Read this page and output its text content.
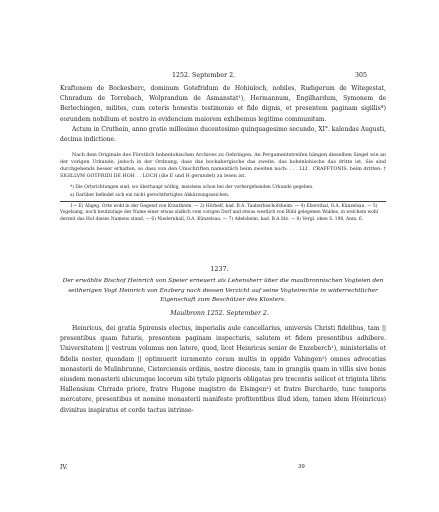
1252. September 2.	305

Kraftonem de Bockesberc, dominum Gotefridum de Hohinloch, nobiles, Rudigerum de Witegestat, Chnradum de Torrebach, Wolprandum de Asmanstat¹), Hermannum, Engilhardum, Symonem de Berlechingen, milites, cum ceteris honestis testimonio et fide dignis, et presentem paginam sigillis*) eorundem nobilium et nostro in evidenciam maiorem exhibemus legitime communitam.

Actum in Cruthein, anno gratie millesimo ducentesimo quinquagesimo secundo, XI°. kalendas Augusti, decima indictione.

Nach dem Originale des Fürstlich hohenlohischen Archives zu Oehringen. An Pergamentstreifen hängen dieselben Siegel wie an der vorigen Urkunde, jedoch in der Ordnung, dass das bockabergische das zweite, das hohenlohische das dritte ist. Sie sind durchgehends besser erhalten, so dass von den Umschriften namentlich beim zweiten noch: . . . LLI . CRAFFTONIS, beim dritten: † SIGILLVM GOTFRIDI DE HOH . . LOCH (die E und H gerundet) zu lesen ist.

*) Die Ortsrichtungen sind, wo überhaupt nöthig, meistens schon bei der vorhergehenden Urkunde gegeben.

a) Darüber befindet sich ein nicht gerechtfertigtes Abkürzungszeichen.

1— E) Abgeg. Orte wohl in der Gegend von Krautheim. — 2) Hörbelf, bad. B.A. Tauberbischofsheim. — 4) Ebersthal, O.A. Künzelsau. — 5) Vogelsang, noch heutzutage der Name einer etwas südlich vom vorigen Dorf und etwas westlich von Bühl gelegenen Waldes, in welchem wohl derzeit das Hof dieses Namens stand. — 6) Niedernhall, O.A. Künzelsau. — 7) Adelsheim, bad. B.A.Stz. — 8) Vergl. oben S. 198, Anm. 6.

1237.
Der erwählte Bischof Heinrich von Speier erneuert als Lehensherr über die maulbronnischen Vogteien den seitherigen Vogt Heinrich von Enzberg nach dessen Verzicht auf seine Vogteirechte in widerrechtlicher Eigenschaft zum Beschützer des Klosters.
Maulbronn 1252. September 2.

Heinricus, dei gratia Spirensis electus, imperialis aule cancellarius, universis Christi fidelibus, tam || presentibus quam futuris, presentem paginam inspecturis, salutem et fidem presentibus adhibere. Universitatem || vestrum volumus non latere, quod, licet Heinricus senior de Enzeberch¹), ministerialis et fidelis noster, quondam || optimuerit iuramento coram multis in oppido Vahingen²) omnes advocatias monasterii de Mulinbrunne, Cisterciensis ordinis, nostre diocesis, tam in grangiis quam in villis sive bonis eiusdem monasterii ubicumque locorum sibi tytulo pignoris obligatas pro trecentis seilicet et triginta libris Hallensium Chrrado priore, fratre Hugone magistro de Elsingen³) et fratre Burchardo, tunc temporis mercatore, presentibus et nomine monasterii manifeste profitentibus illud idem, tamen idem H(einricus) divinitus inspiratus et corde tactus intrinse-

IV.	39
